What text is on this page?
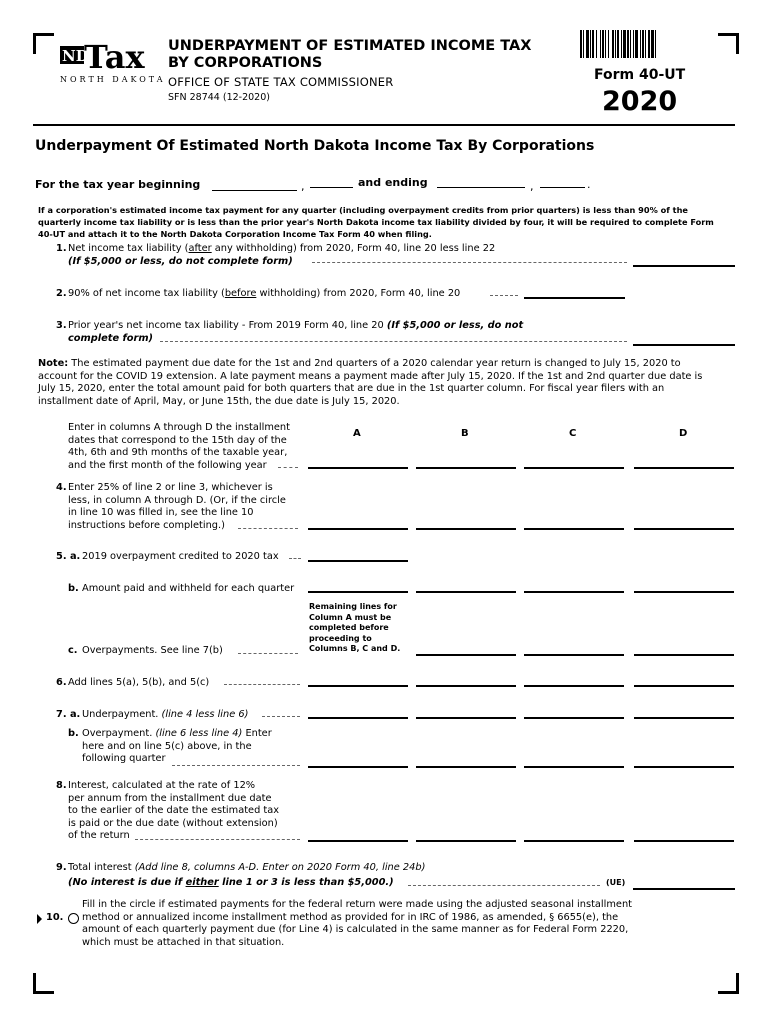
ND
Tax
NORTH DAKOTA
UNDERPAYMENT OF ESTIMATED INCOME TAX
BY CORPORATIONS
OFFICE OF STATE TAX COMMISSIONER
SFN 28744 (12-2020)
Form 40-UT
2020
Underpayment Of Estimated North Dakota Income Tax By Corporations
For the tax year beginning	,	and ending	,	.
If a corporation's estimated income tax payment for any quarter (including overpayment credits from prior quarters) is less than 90% of the quarterly income tax liability or is less than the prior year's North Dakota income tax liability divided by four, it will be required to complete Form 40-UT and attach it to the North Dakota Corporation Income Tax Form 40 when filing.
1. Net income tax liability (after any withholding) from 2020, Form 40, line 20 less line 22
(If $5,000 or less, do not complete form)
2. 90% of net income tax liability (before withholding) from 2020, Form 40, line 20
3. Prior year's net income tax liability - From 2019 Form 40, line 20 (If $5,000 or less, do not
complete form)
Note: The estimated payment due date for the 1st and 2nd quarters of a 2020 calendar year return is changed to July 15, 2020 to account for the COVID 19 extension. A late payment means a payment made after July 15, 2020. If the 1st and 2nd quarter due date is July 15, 2020, enter the total amount paid for both quarters that are due in the 1st quarter column. For fiscal year filers with an installment date of April, May, or June 15th, the due date is July 15, 2020.
Enter in columns A through D the installment
dates that correspond to the 15th day of the
4th, 6th and 9th months of the taxable year,
and the first month of the following year
A	B	C	D
4. Enter 25% of line 2 or line 3, whichever is
less, in column A through D. (Or, if the circle
in line 10 was filled in, see the line 10
instructions before completing.)
5. a. 2019 overpayment credited to 2020 tax
b. Amount paid and withheld for each quarter
Remaining lines for
Column A must be
completed before
proceeding to
Columns B, C and D.
c. Overpayments. See line 7(b)
6. Add lines 5(a), 5(b), and 5(c)
7. a. Underpayment. (line 4 less line 6)
b. Overpayment. (line 6 less line 4) Enter
here and on line 5(c) above, in the
following quarter
8. Interest, calculated at the rate of 12%
per annum from the installment due date
to the earlier of the date the estimated tax
is paid or the due date (without extension)
of the return
9. Total interest (Add line 8, columns A-D. Enter on 2020 Form 40, line 24b)
(No interest is due if either line 1 or 3 is less than $5,000.)	(UE)
10.
Fill in the circle if estimated payments for the federal return were made using the adjusted seasonal installment
method or annualized income installment method as provided for in IRC of 1986, as amended, § 6655(e), the
amount of each quarterly payment due (for Line 4) is calculated in the same manner as for Federal Form 2220,
which must be attached in that situation.
